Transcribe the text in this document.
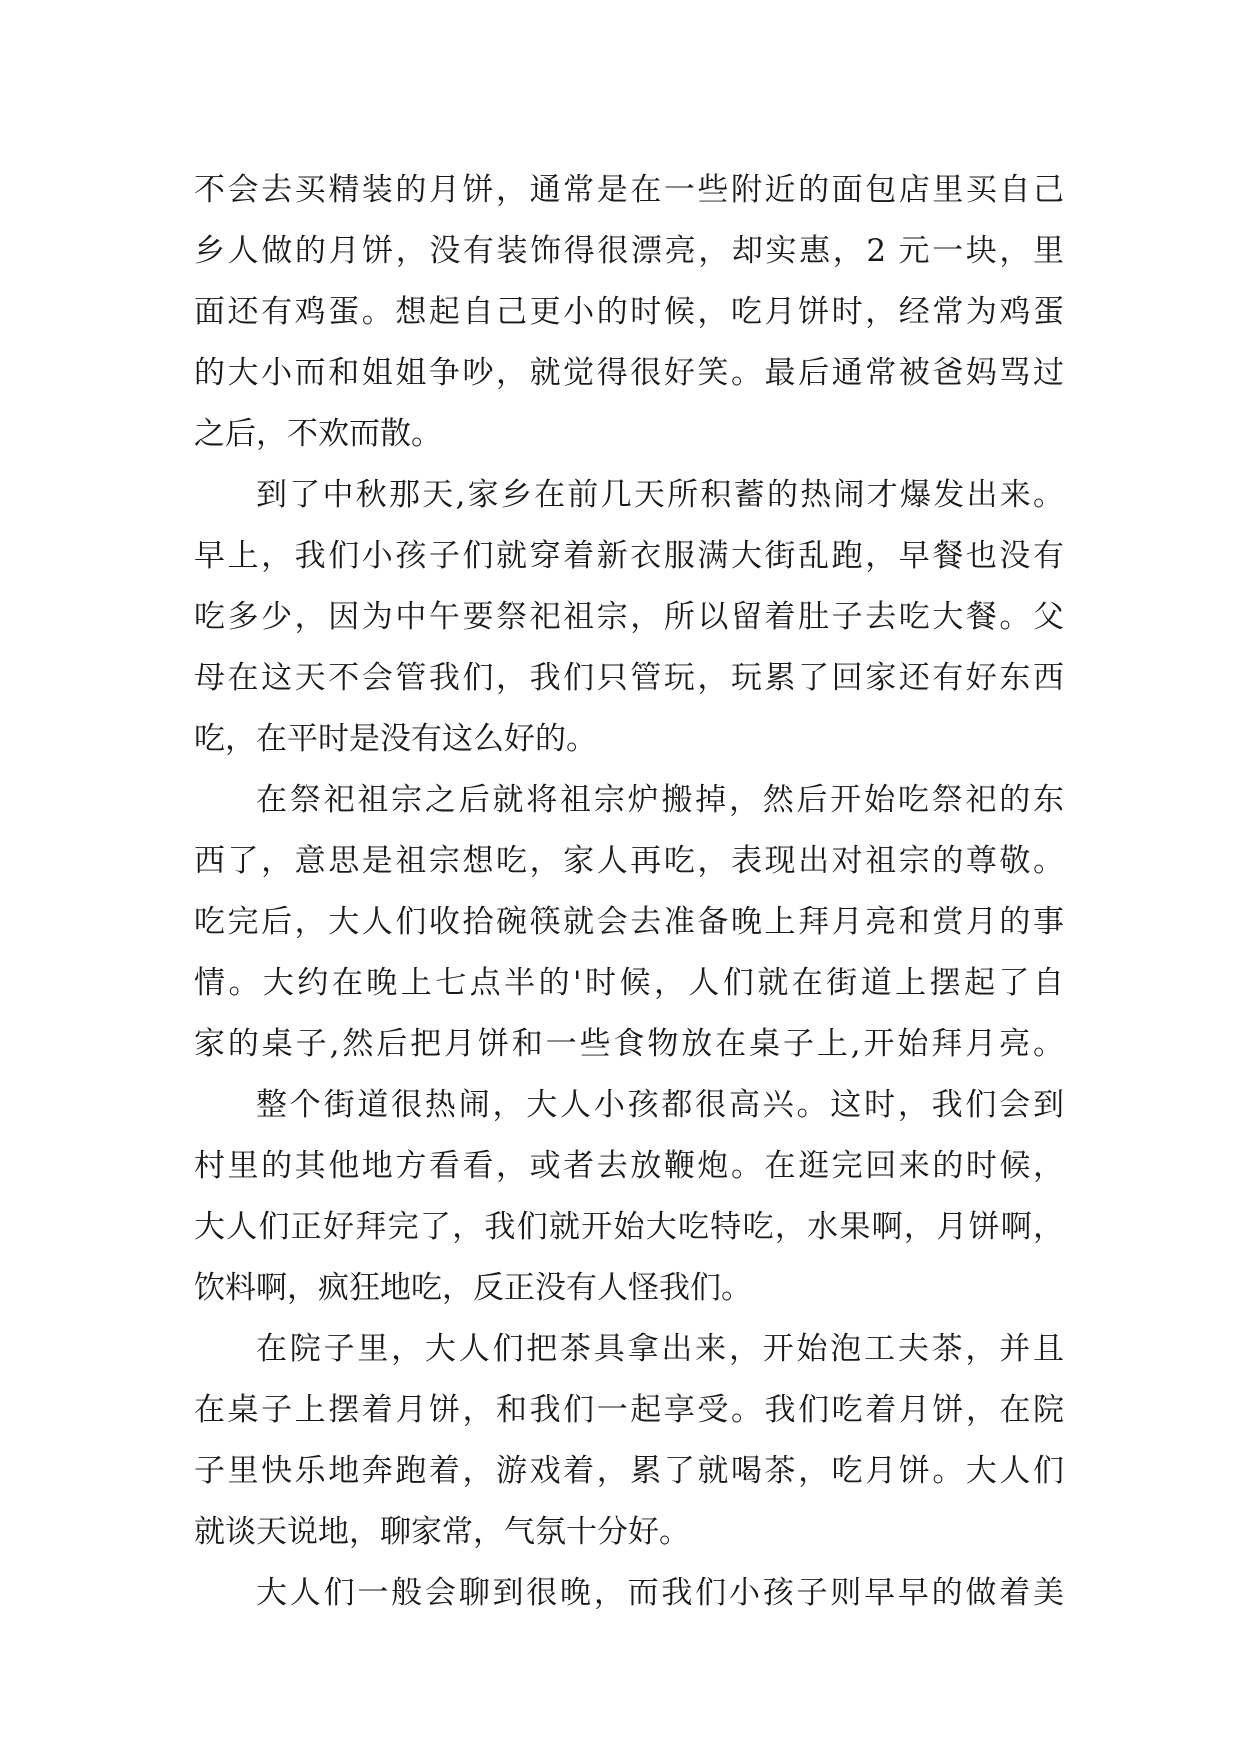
不会去买精装的月饼，通常是在一些附近的面包店里买自己
乡人做的月饼，没有装饰得很漂亮，却实惠，2 元一块，里
面还有鸡蛋。想起自己更小的时候，吃月饼时，经常为鸡蛋
的大小而和姐姐争吵，就觉得很好笑。最后通常被爸妈骂过
之后，不欢而散。
到了中秋那天,家乡在前几天所积蓄的热闹才爆发出来。
早上，我们小孩子们就穿着新衣服满大街乱跑，早餐也没有
吃多少，因为中午要祭祀祖宗，所以留着肚子去吃大餐。父
母在这天不会管我们，我们只管玩，玩累了回家还有好东西
吃，在平时是没有这么好的。
在祭祀祖宗之后就将祖宗炉搬掉，然后开始吃祭祀的东
西了，意思是祖宗想吃，家人再吃，表现出对祖宗的尊敬。
吃完后，大人们收拾碗筷就会去准备晚上拜月亮和赏月的事
情。大约在晚上七点半的'时候，人们就在街道上摆起了自
家的桌子,然后把月饼和一些食物放在桌子上,开始拜月亮。
整个街道很热闹，大人小孩都很高兴。这时，我们会到
村里的其他地方看看，或者去放鞭炮。在逛完回来的时候，
大人们正好拜完了，我们就开始大吃特吃，水果啊，月饼啊，
饮料啊，疯狂地吃，反正没有人怪我们。
在院子里，大人们把茶具拿出来，开始泡工夫茶，并且
在桌子上摆着月饼，和我们一起享受。我们吃着月饼，在院
子里快乐地奔跑着，游戏着，累了就喝茶，吃月饼。大人们
就谈天说地，聊家常，气氛十分好。
大人们一般会聊到很晚，而我们小孩子则早早的做着美
